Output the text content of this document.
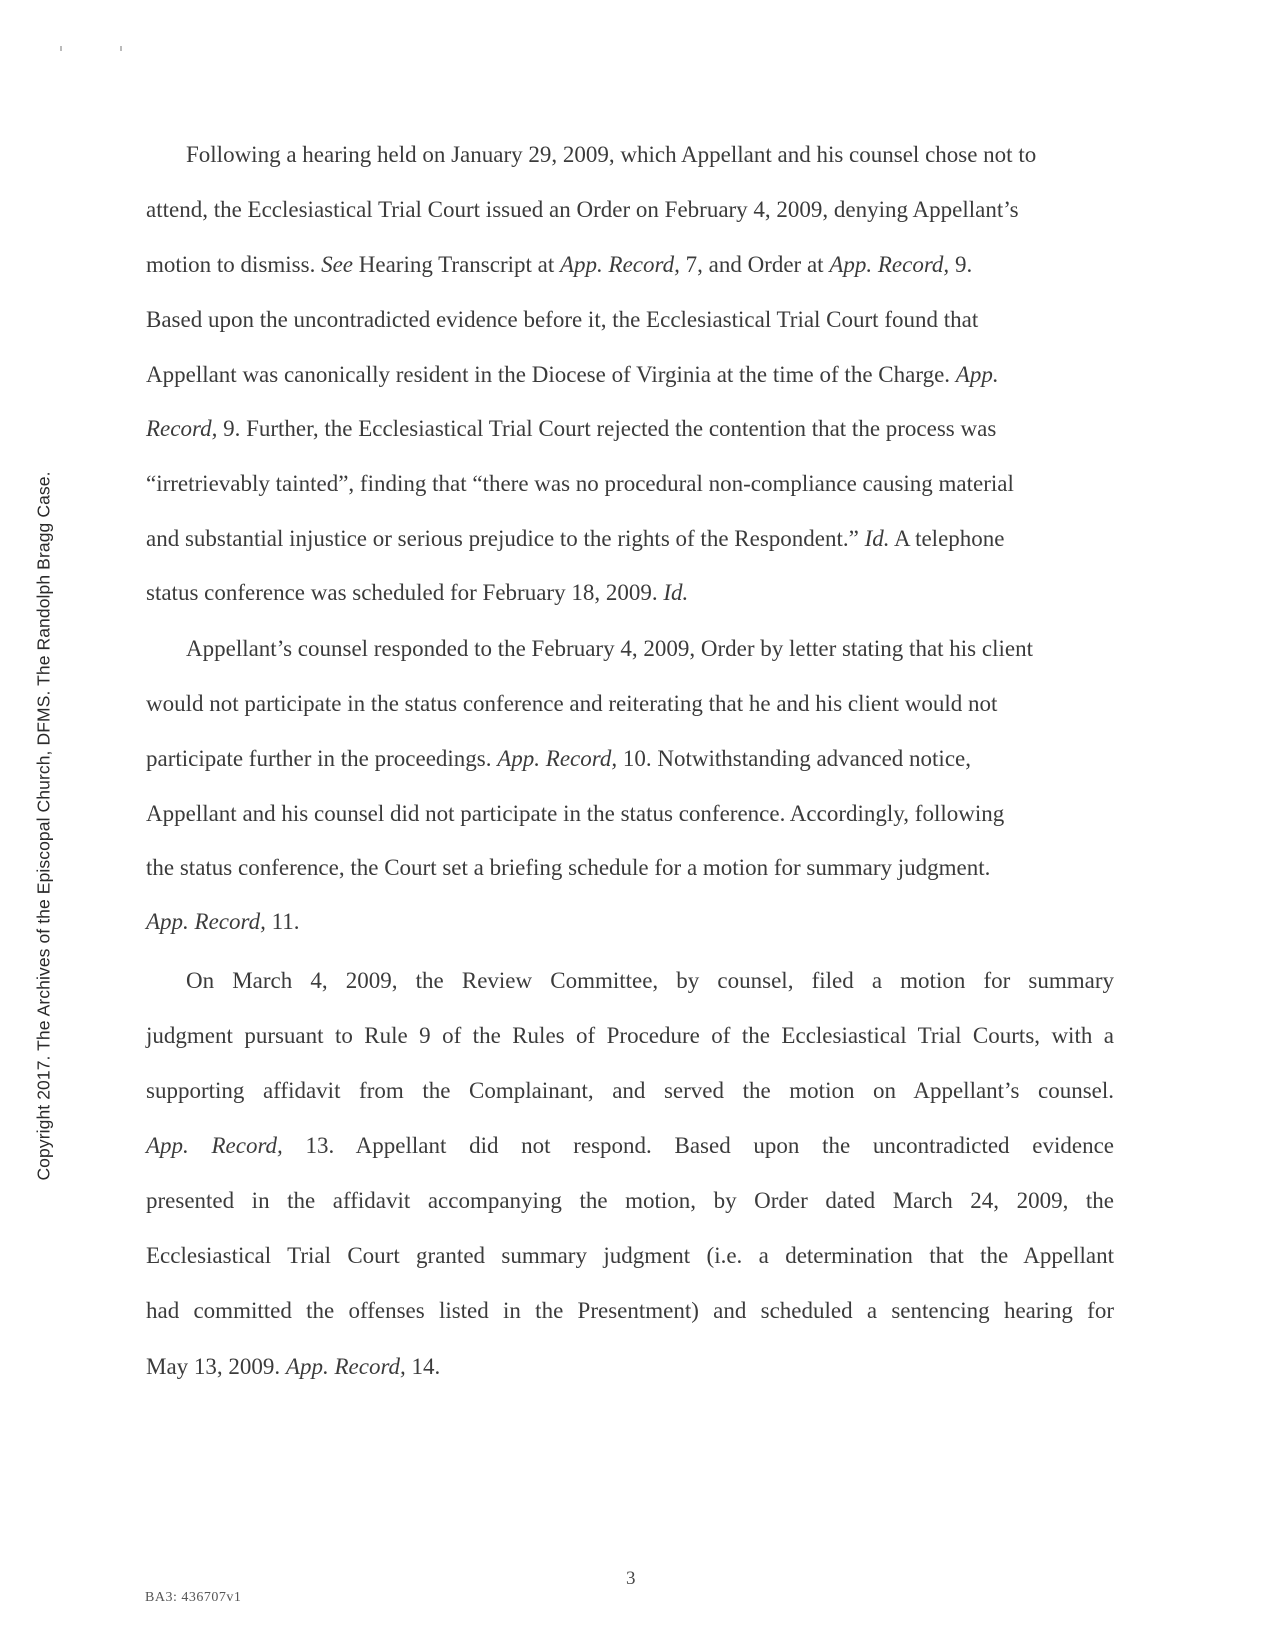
Copyright 2017. The Archives of the Episcopal Church, DFMS. The Randolph Bragg Case.
Following a hearing held on January 29, 2009, which Appellant and his counsel chose not to
attend, the Ecclesiastical Trial Court issued an Order on February 4, 2009, denying Appellant’s
motion to dismiss. See Hearing Transcript at App. Record, 7, and Order at App. Record, 9.
Based upon the uncontradicted evidence before it, the Ecclesiastical Trial Court found that
Appellant was canonically resident in the Diocese of Virginia at the time of the Charge. App.
Record, 9. Further, the Ecclesiastical Trial Court rejected the contention that the process was
“irretrievably tainted”, finding that “there was no procedural non-compliance causing material
and substantial injustice or serious prejudice to the rights of the Respondent.” Id. A telephone
status conference was scheduled for February 18, 2009. Id.
Appellant’s counsel responded to the February 4, 2009, Order by letter stating that his client
would not participate in the status conference and reiterating that he and his client would not
participate further in the proceedings. App. Record, 10. Notwithstanding advanced notice,
Appellant and his counsel did not participate in the status conference. Accordingly, following
the status conference, the Court set a briefing schedule for a motion for summary judgment.
App. Record, 11.
On March 4, 2009, the Review Committee, by counsel, filed a motion for summary
judgment pursuant to Rule 9 of the Rules of Procedure of the Ecclesiastical Trial Courts, with a
supporting affidavit from the Complainant, and served the motion on Appellant’s counsel.
App. Record, 13. Appellant did not respond. Based upon the uncontradicted evidence
presented in the affidavit accompanying the motion, by Order dated March 24, 2009, the
Ecclesiastical Trial Court granted summary judgment (i.e. a determination that the Appellant
had committed the offenses listed in the Presentment) and scheduled a sentencing hearing for
May 13, 2009. App. Record, 14.
3
BA3: 436707v1
